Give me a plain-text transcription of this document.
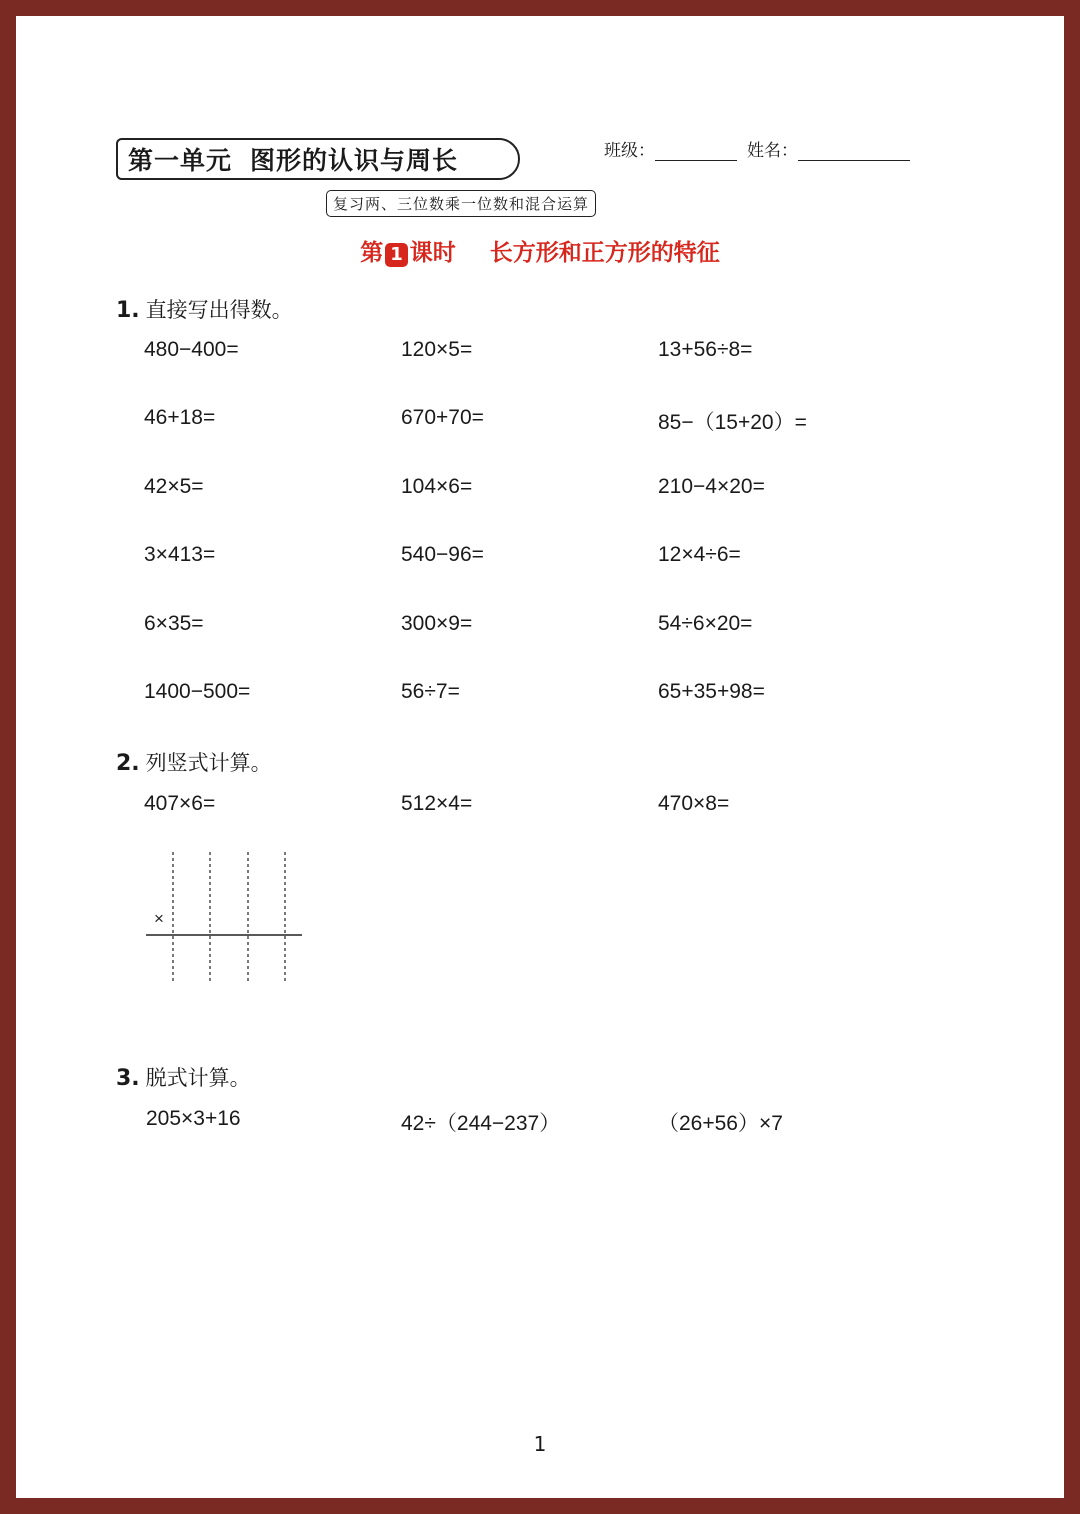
第一单元 图形的认识与周长	班级：	姓名：
复习两、三位数乘一位数和混合运算
第 1 课时 长方形和正方形的特征
1. 直接写出得数。
480−400=	120×5=	13+56÷8=
46+18=	670+70=	85−（15+20）=
42×5=	104×6=	210−4×20=
3×413=	540−96=	12×4÷6=
6×35=	300×9=	54÷6×20=
1400−500=	56÷7=	65+35+98=
2. 列竖式计算。
407×6=	512×4=	470×8=
×
3. 脱式计算。
205×3+16	42÷（244−237）	（26+56）×7
1
